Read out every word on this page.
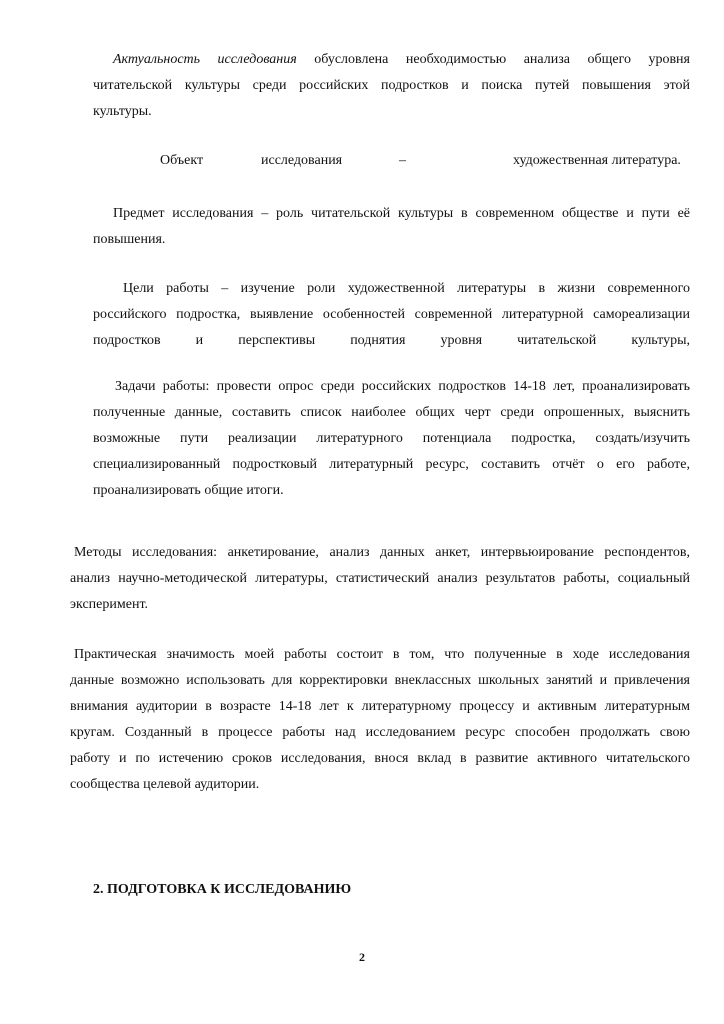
Актуальность исследования обусловлена необходимостью анализа общего уровня
читательской культуры среди российских подростков и поиска путей повышения этой
культуры.
Объект	исследования	–	художественная литература.
Предмет исследования – роль читательской культуры в современном обществе и пути её
повышения.
Цели работы – изучение роли художественной литературы в жизни современного
российского подростка, выявление особенностей современной литературной самореализации
подростков и перспективы поднятия уровня читательской культуры,
Задачи работы: провести опрос среди российских подростков 14-18 лет, проанализировать
полученные данные, составить список наиболее общих черт среди опрошенных, выяснить
возможные пути реализации литературного потенциала подростка, создать/изучить
специализированный подростковый литературный ресурс, составить отчёт о его работе,
проанализировать общие итоги.
Методы исследования: анкетирование, анализ данных анкет, интервьюирование респондентов,
анализ научно-методической литературы, статистический анализ результатов работы, социальный
эксперимент.
Практическая значимость моей работы состоит в том, что полученные в ходе исследования
данные возможно использовать для корректировки внеклассных школьных занятий и привлечения
внимания аудитории в возрасте 14-18 лет к литературному процессу и активным литературным
кругам. Созданный в процессе работы над исследованием ресурс способен продолжать свою
работу и по истечению сроков исследования, внося вклад в развитие активного читательского
сообщества целевой аудитории.
2. ПОДГОТОВКА К ИССЛЕДОВАНИЮ
2
